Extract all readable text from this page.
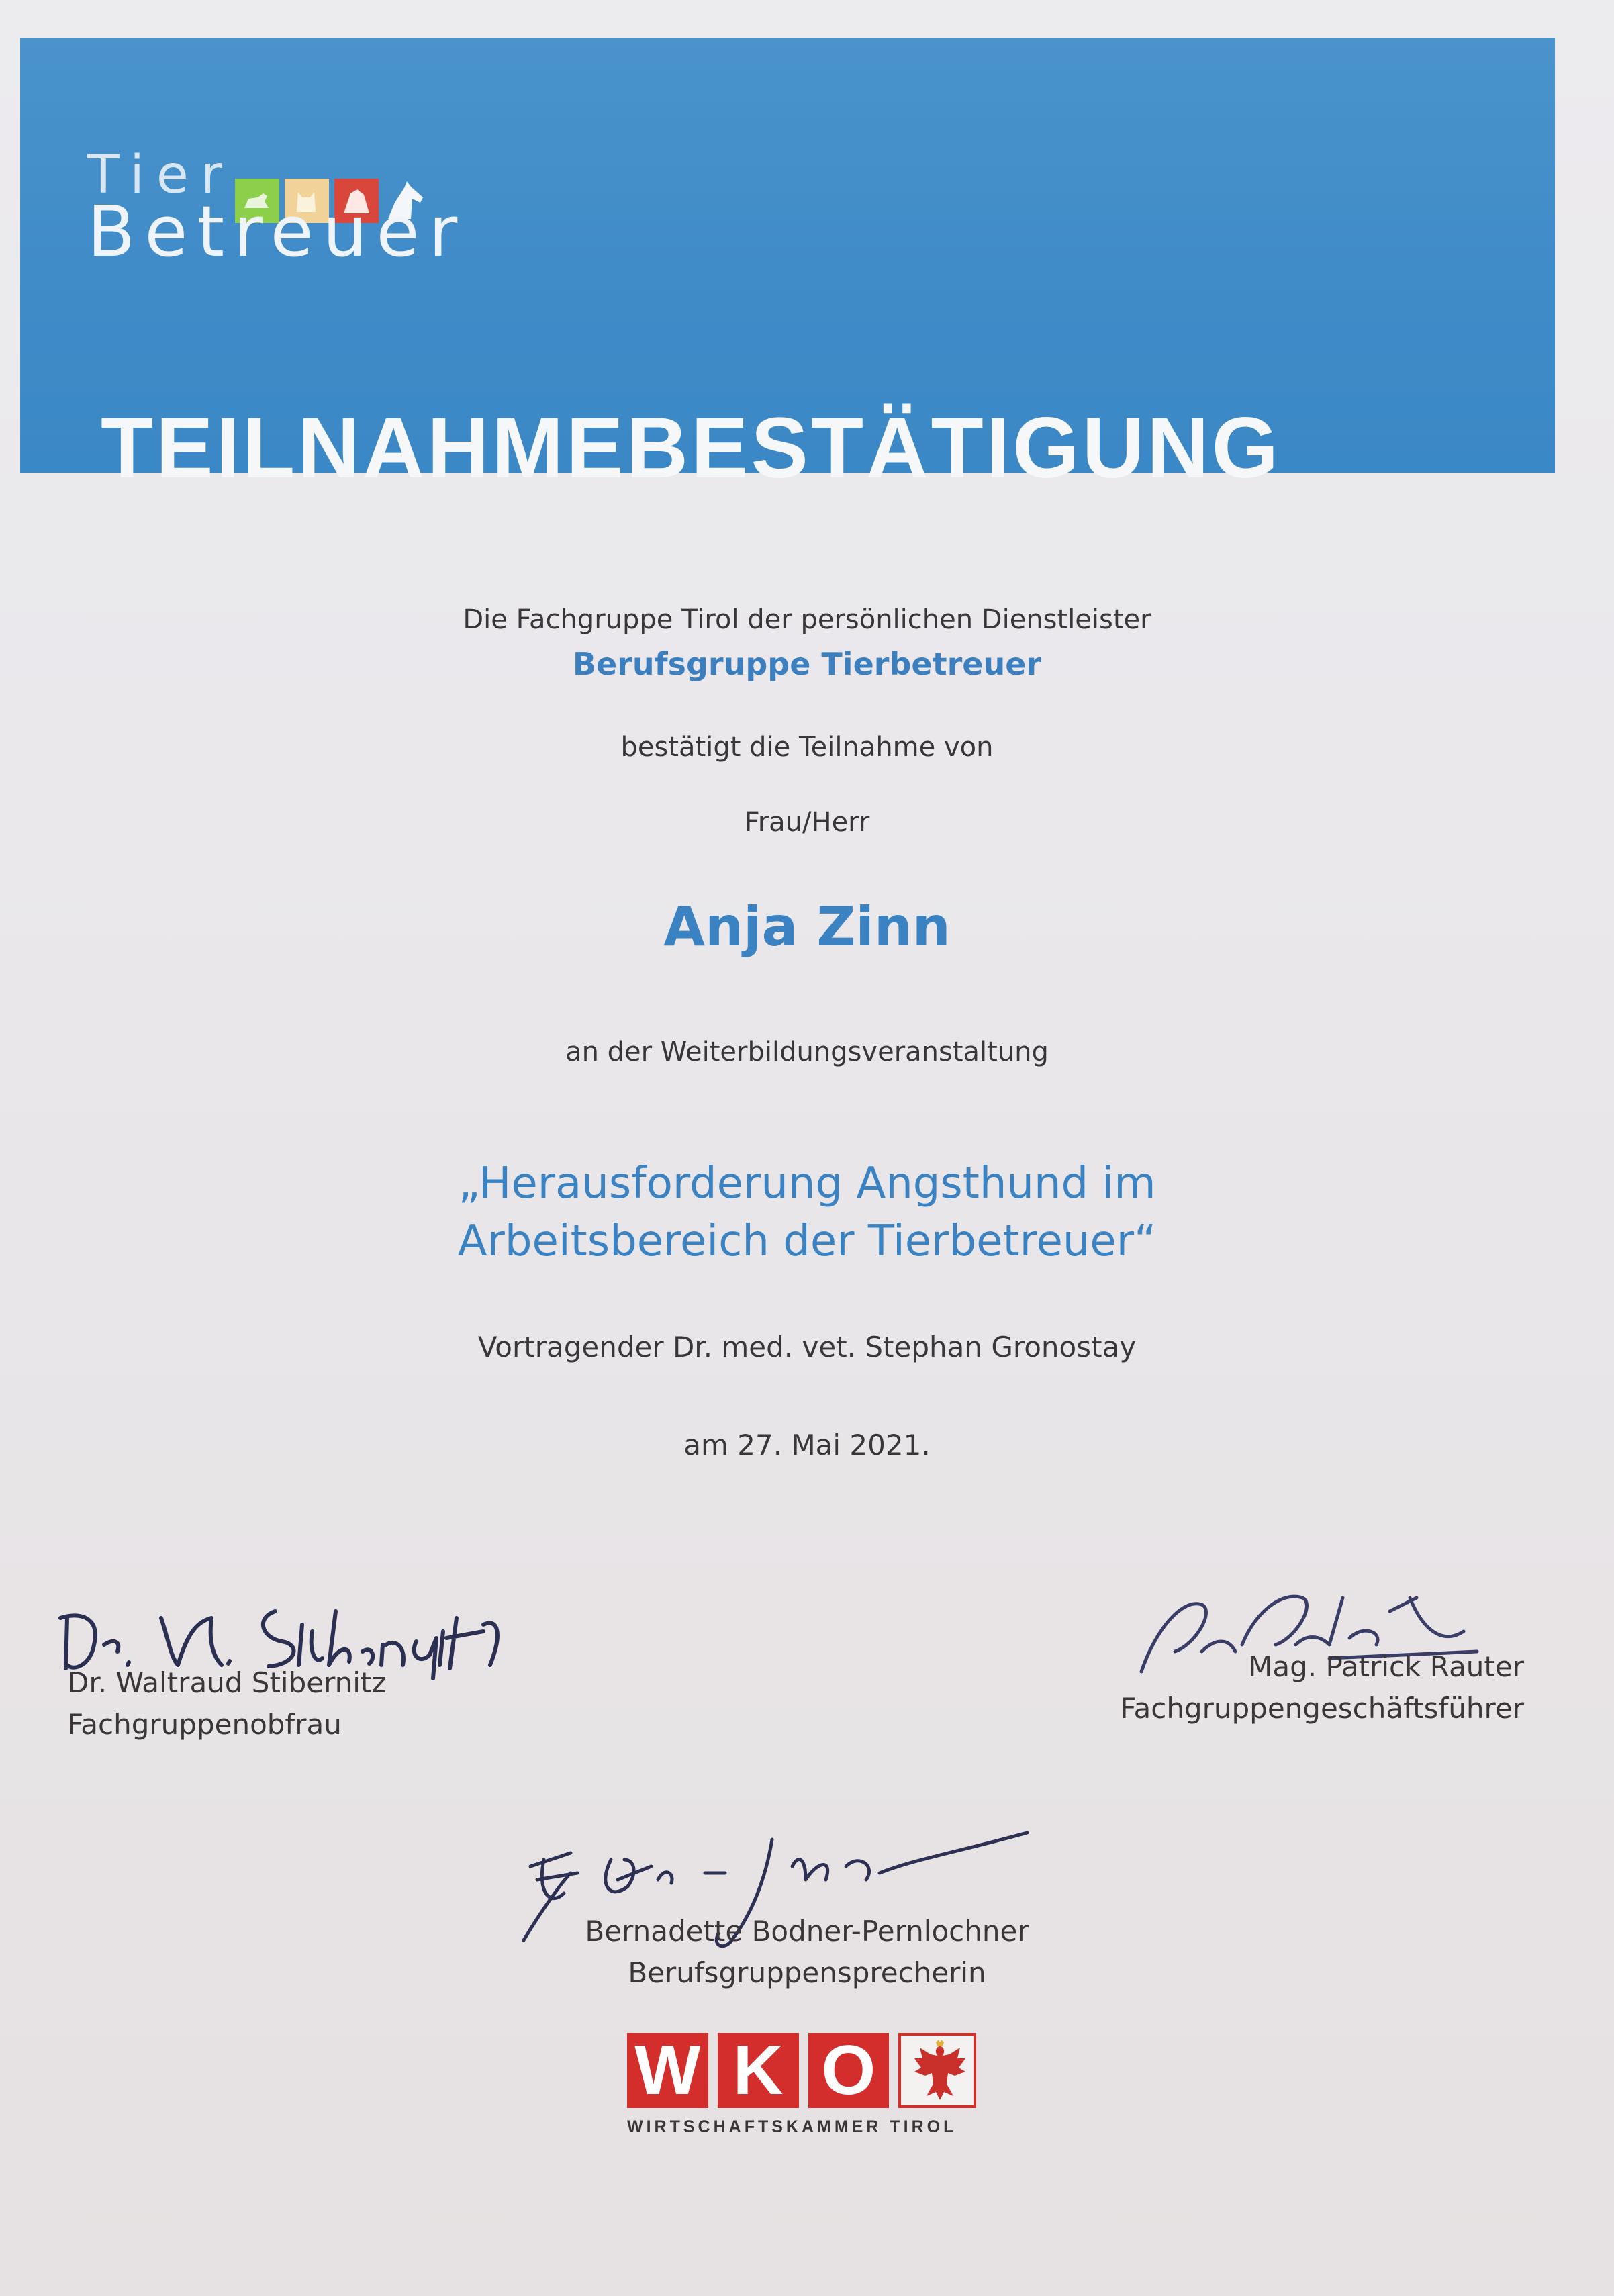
Tier
Betreuer
TEILNAHMEBESTÄTIGUNG
Die Fachgruppe Tirol der persönlichen Dienstleister
Berufsgruppe Tierbetreuer
bestätigt die Teilnahme von
Frau/Herr
Anja Zinn
an der Weiterbildungsveranstaltung
„Herausforderung Angsthund im
Arbeitsbereich der Tierbetreuer“
Vortragender Dr. med. vet. Stephan Gronostay
am 27. Mai 2021.
Dr. Waltraud Stibernitz
Fachgruppenobfrau
Mag. Patrick Rauter
Fachgruppengeschäftsführer
Bernadette Bodner-Pernlochner
Berufsgruppensprecherin
W K O
WIRTSCHAFTSKAMMER TIROL
